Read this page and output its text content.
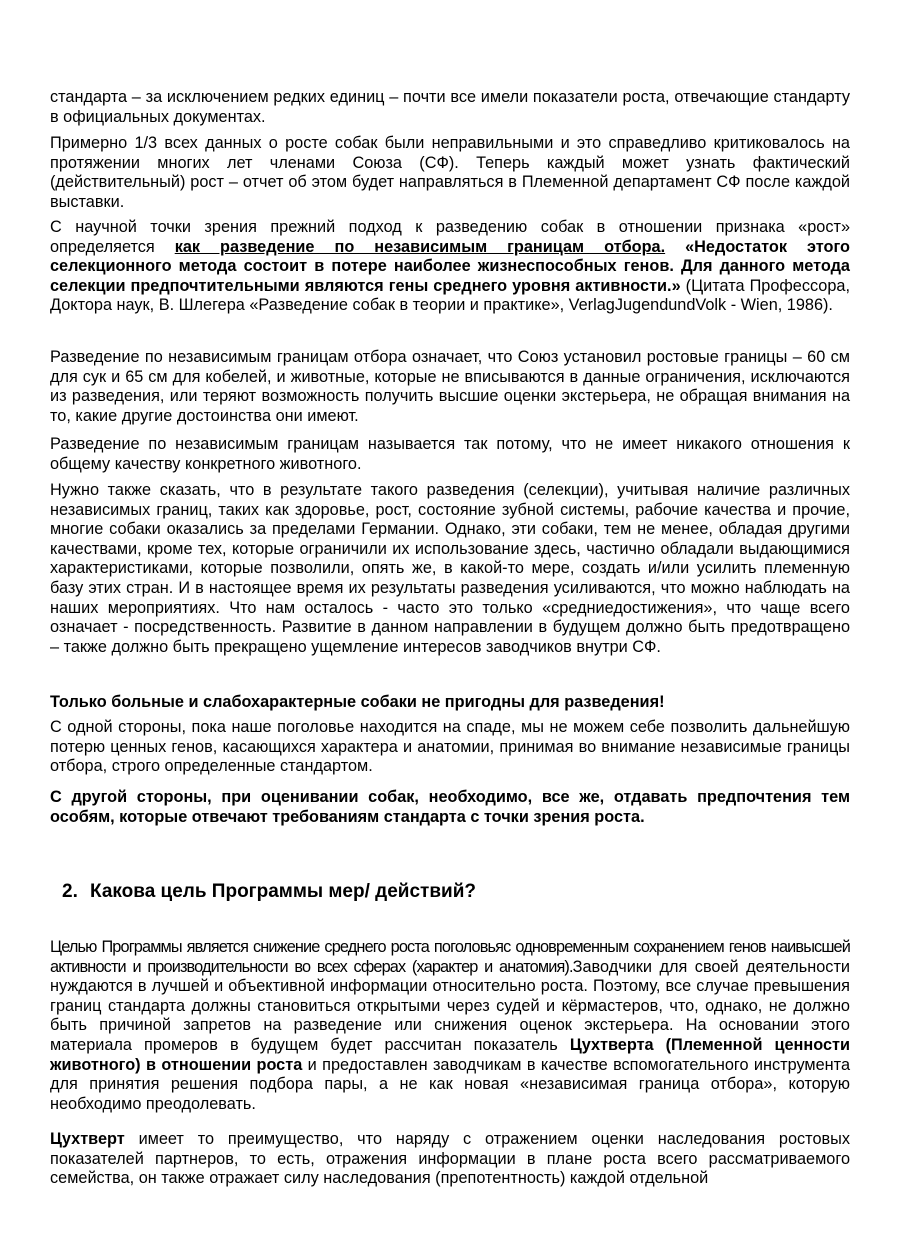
стандарта – за исключением редких единиц – почти все имели показатели роста, отвечающие стандарту в официальных документах.

Примерно 1/3 всех данных о росте собак были неправильными и это справедливо критиковалось на протяжении многих лет членами Союза (СФ). Теперь каждый может узнать фактический (действительный) рост – отчет об этом будет направляться в Племенной департамент СФ после каждой выставки.

С научной точки зрения прежний подход к разведению собак в отношении признака «рост» определяется как разведение по независимым границам отбора. «Недостаток этого селекционного метода состоит в потере наиболее жизнеспособных генов. Для данного метода селекции предпочтительными являются гены среднего уровня активности.» (Цитата Профессора, Доктора наук, В. Шлегера «Разведение собак в теории и практике», VerlagJugendundVolk - Wien, 1986).

Разведение по независимым границам отбора означает, что Союз установил ростовые границы – 60 см для сук и 65 см для кобелей, и животные, которые не вписываются в данные ограничения, исключаются из разведения, или теряют возможность получить высшие оценки экстерьера, не обращая внимания на то, какие другие достоинства они имеют.

Разведение по независимым границам называется так потому, что не имеет никакого отношения к общему качеству конкретного животного.

Нужно также сказать, что в результате такого разведения (селекции), учитывая наличие различных независимых границ, таких как здоровье, рост, состояние зубной системы, рабочие качества и прочие, многие собаки оказались за пределами Германии. Однако, эти собаки, тем не менее, обладая другими качествами, кроме тех, которые ограничили их использование здесь, частично обладали выдающимися характеристиками, которые позволили, опять же, в какой-то мере, создать и/или усилить племенную базу этих стран. И в настоящее время их результаты разведения усиливаются, что можно наблюдать на наших мероприятиях. Что нам осталось - часто это только «средниедостижения», что чаще всего означает - посредственность. Развитие в данном направлении в будущем должно быть предотвращено – также должно быть прекращено ущемление интересов заводчиков внутри СФ.

Только больные и слабохарактерные собаки не пригодны для разведения!

С одной стороны, пока наше поголовье находится на спаде, мы не можем себе позволить дальнейшую потерю ценных генов, касающихся характера и анатомии, принимая во внимание независимые границы отбора, строго определенные стандартом.

С другой стороны, при оценивании собак, необходимо, все же, отдавать предпочтения тем особям, которые отвечают требованиям стандарта с точки зрения роста.

2. Какова цель Программы мер/ действий?

Целью Программы является снижение среднего роста поголовьяс одновременным сохранением генов наивысшей активности и производительности во всех сферах (характер и анатомия).Заводчики для своей деятельности нуждаются в лучшей и объективной информации относительно роста. Поэтому, все случае превышения границ стандарта должны становиться открытыми через судей и кёрмастеров, что, однако, не должно быть причиной запретов на разведение или снижения оценок экстерьера. На основании этого материала промеров в будущем будет рассчитан показатель Цухтверта (Племенной ценности животного) в отношении роста и предоставлен заводчикам в качестве вспомогательного инструмента для принятия решения подбора пары, а не как новая «независимая граница отбора», которую необходимо преодолевать.

Цухтверт имеет то преимущество, что наряду с отражением оценки наследования ростовых показателей партнеров, то есть, отражения информации в плане роста всего рассматриваемого семейства, он также отражает силу наследования (препотентность) каждой отдельной
